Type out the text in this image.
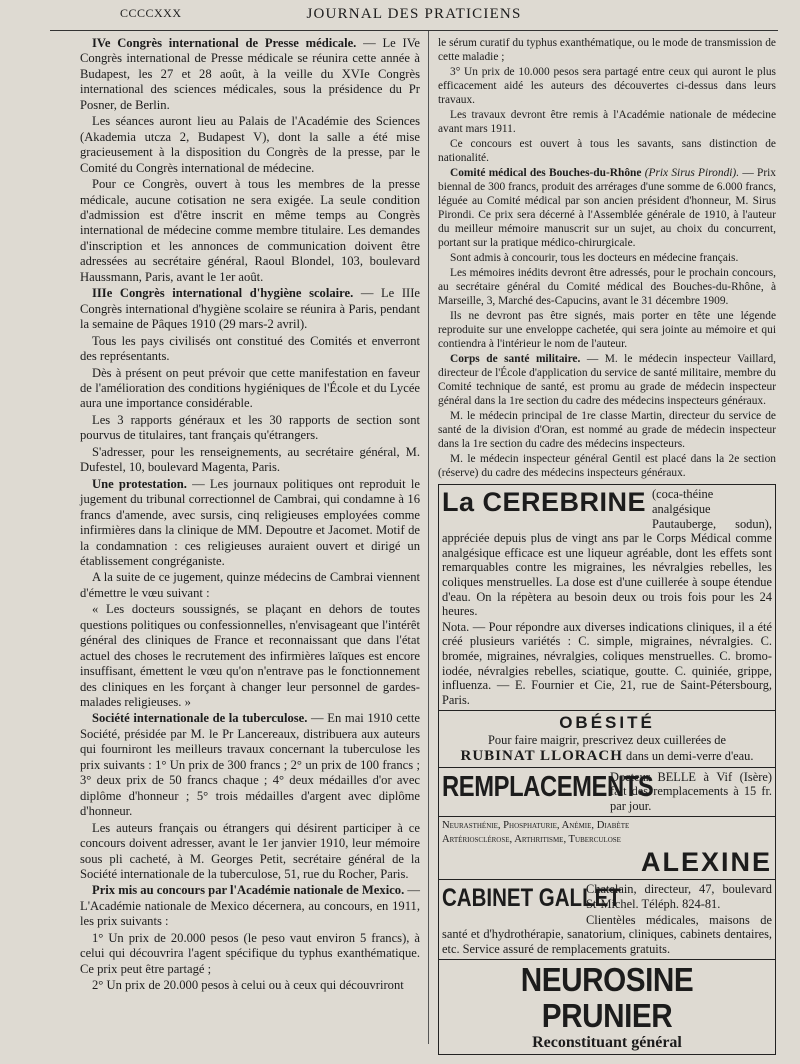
CCCCXXX	JOURNAL DES PRATICIENS

IVe Congrès international de Presse médicale. — Le IVe Congrès international de Presse médicale se réunira cette année à Budapest, les 27 et 28 août, à la veille du XVIe Congrès international des sciences médicales, sous la présidence du Pr Posner, de Berlin.

Les séances auront lieu au Palais de l'Académie des Sciences (Akademia utcza 2, Budapest V), dont la salle a été mise gracieusement à la disposition du Congrès de la presse, par le Comité du Congrès international de médecine.

Pour ce Congrès, ouvert à tous les membres de la presse médicale, aucune cotisation ne sera exigée. La seule condition d'admission est d'être inscrit en même temps au Congrès international de médecine comme membre titulaire. Les demandes d'inscription et les annonces de communication doivent être adressées au secrétaire général, Raoul Blondel, 103, boulevard Haussmann, Paris, avant le 1er août.

IIIe Congrès international d'hygiène scolaire. — Le IIIe Congrès international d'hygiène scolaire se réunira à Paris, pendant la semaine de Pâques 1910 (29 mars-2 avril).

Tous les pays civilisés ont constitué des Comités et enverront des représentants.

Dès à présent on peut prévoir que cette manifestation en faveur de l'amélioration des conditions hygiéniques de l'École et du Lycée aura une importance considérable.

Les 3 rapports généraux et les 30 rapports de section sont pourvus de titulaires, tant français qu'étrangers.

S'adresser, pour les renseignements, au secrétaire général, M. Dufestel, 10, boulevard Magenta, Paris.

Une protestation. — Les journaux politiques ont reproduit le jugement du tribunal correctionnel de Cambrai, qui condamne à 16 francs d'amende, avec sursis, cinq religieuses employées comme infirmières dans la clinique de MM. Depoutre et Jacomet. Motif de la condamnation : ces religieuses auraient ouvert et dirigé un établissement congréganiste.

A la suite de ce jugement, quinze médecins de Cambrai viennent d'émettre le vœu suivant :

« Les docteurs soussignés, se plaçant en dehors de toutes questions politiques ou confessionnelles, n'envisageant que l'intérêt général des cliniques de France et reconnaissant que dans l'état actuel des choses le recrutement des infirmières laïques est encore insuffisant, émettent le vœu qu'on n'entrave pas le fonctionnement des cliniques en les forçant à changer leur personnel de gardes-malades religieuses. »

Société internationale de la tuberculose. — En mai 1910 cette Société, présidée par M. le Pr Lancereaux, distribuera aux auteurs qui fourniront les meilleurs travaux concernant la tuberculose les prix suivants : 1° Un prix de 300 francs ; 2° un prix de 100 francs ; 3° deux prix de 50 francs chaque ; 4° deux médailles d'or avec diplôme d'honneur ; 5° trois médailles d'argent avec diplôme d'honneur.

Les auteurs français ou étrangers qui désirent participer à ce concours doivent adresser, avant le 1er janvier 1910, leur mémoire sous pli cacheté, à M. Georges Petit, secrétaire général de la Société internationale de la tuberculose, 51, rue du Rocher, Paris.

Prix mis au concours par l'Académie nationale de Mexico. — L'Académie nationale de Mexico décernera, au concours, en 1911, les prix suivants :

1° Un prix de 20.000 pesos (le peso vaut environ 5 francs), à celui qui découvrira l'agent spécifique du typhus exanthématique. Ce prix peut être partagé ;

2° Un prix de 20.000 pesos à celui ou à ceux qui découvriront

le sérum curatif du typhus exanthématique, ou le mode de transmission de cette maladie ;

3° Un prix de 10.000 pesos sera partagé entre ceux qui auront le plus efficacement aidé les auteurs des découvertes ci-dessus dans leurs travaux.

Les travaux devront être remis à l'Académie nationale de médecine avant mars 1911.

Ce concours est ouvert à tous les savants, sans distinction de nationalité.

Comité médical des Bouches-du-Rhône (Prix Sirus Pirondi). — Prix biennal de 300 francs, produit des arrérages d'une somme de 6.000 francs, léguée au Comité médical par son ancien président d'honneur, M. Sirus Pirondi. Ce prix sera décerné à l'Assemblée générale de 1910, à l'auteur du meilleur mémoire manuscrit sur un sujet, au choix du concurrent, portant sur la pratique médico-chirurgicale.

Sont admis à concourir, tous les docteurs en médecine français.

Les mémoires inédits devront être adressés, pour le prochain concours, au secrétaire général du Comité médical des Bouches-du-Rhône, à Marseille, 3, Marché des-Capucins, avant le 31 décembre 1909.

Ils ne devront pas être signés, mais porter en tête une légende reproduite sur une enveloppe cachetée, qui sera jointe au mémoire et qui contiendra à l'intérieur le nom de l'auteur.

Corps de santé militaire. — M. le médecin inspecteur Vaillard, directeur de l'École d'application du service de santé militaire, membre du Comité technique de santé, est promu au grade de médecin inspecteur général dans la 1re section du cadre des médecins inspecteurs généraux.

M. le médecin principal de 1re classe Martin, directeur du service de santé de la division d'Oran, est nommé au grade de médecin inspecteur dans la 1re section du cadre des médecins inspecteurs.

M. le médecin inspecteur général Gentil est placé dans la 2e section (réserve) du cadre des médecins inspecteurs généraux.

La CEREBRINE (coca-théine analgésique Pautauberge, sodun), appréciée depuis plus de vingt ans par le Corps Médical comme analgésique efficace est une liqueur agréable, dont les effets sont remarquables contre les migraines, les névralgies rebelles, les coliques menstruelles. La dose est d'une cuillerée à soupe étendue d'eau. On la répètera au besoin deux ou trois fois pour les 24 heures.

Nota. — Pour répondre aux diverses indications cliniques, il a été créé plusieurs variétés : C. simple, migraines, névralgies. C. bromée, migraines, névralgies, coliques menstruelles. C. bromo-iodée, névralgies rebelles, sciatique, goutte. C. quiniée, grippe, influenza. — E. Fournier et Cie, 21, rue de Saint-Pétersbourg, Paris.

OBÉSITÉ

Pour faire maigrir, prescrivez deux cuillerées de

RUBINAT LLORACH dans un demi-verre d'eau.

REMPLACEMENTS

Docteur BELLE à Vif (Isère) fait des remplacements à 15 fr. par jour.

Neurasthénie, Phosphaturie, Anémie, Diabète Artériosclérose, Arthritisme, Tuberculose
ALEXINE
CABINET GALLET

Chatelain, directeur, 47, boulevard St-Michel. Téléph. 824-81.

Clientèles médicales, maisons de santé et d'hydrothérapie, sanatorium, cliniques, cabinets dentaires, etc. Service assuré de remplacements gratuits.

NEUROSINE PRUNIER
Reconstituant général
